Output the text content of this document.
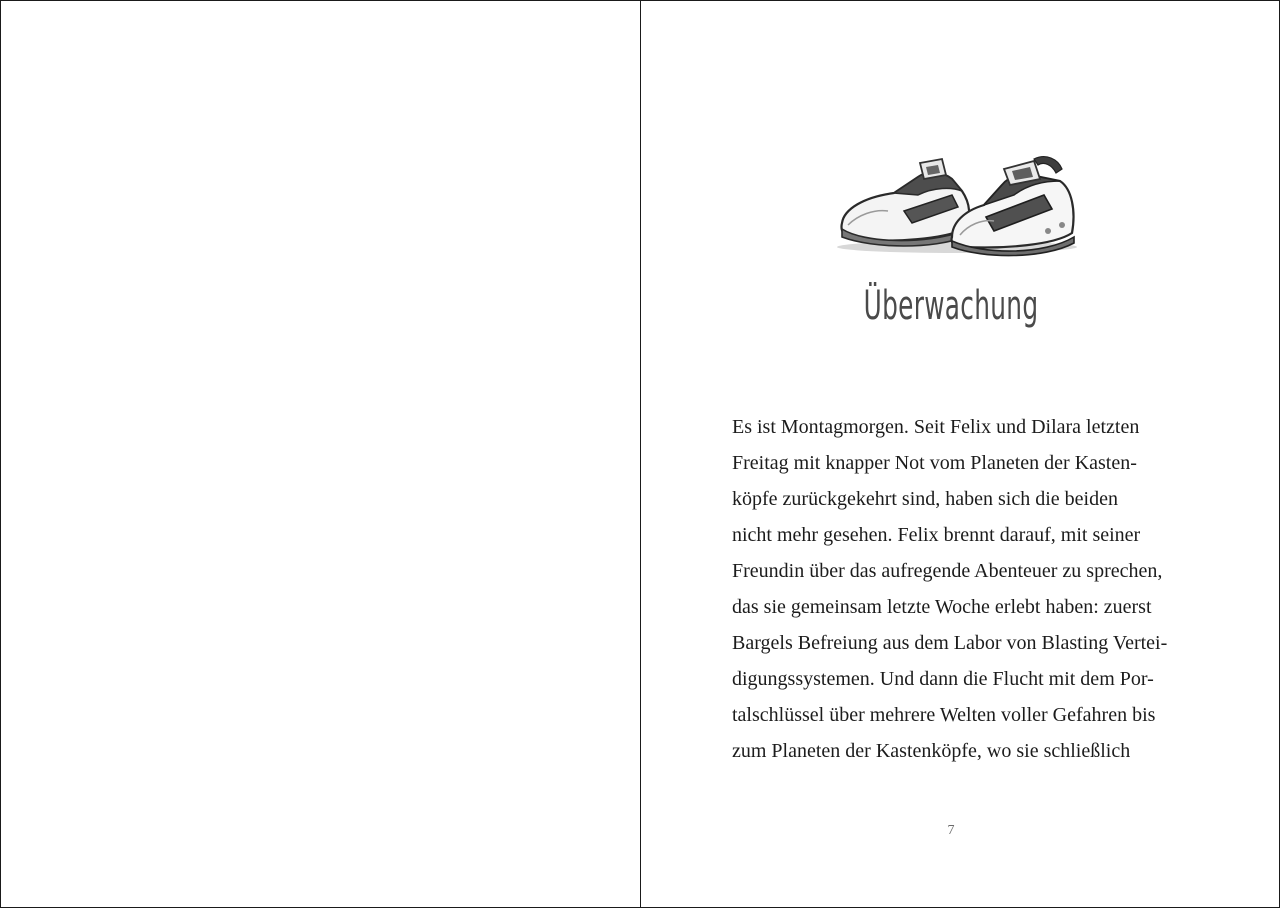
Überwachung
Es ist Montagmorgen. Seit Felix und Dilara letzten
Freitag mit knapper Not vom Planeten der Kasten-
köpfe zurückgekehrt sind, haben sich die beiden
nicht mehr gesehen. Felix brennt darauf, mit seiner
Freundin über das aufregende Abenteuer zu sprechen,
das sie gemeinsam letzte Woche erlebt haben: zuerst
Bargels Befreiung aus dem Labor von Blasting Vertei-
digungssystemen. Und dann die Flucht mit dem Por-
talschlüssel über mehrere Welten voller Gefahren bis
zum Planeten der Kastenköpfe, wo sie schließlich
7
